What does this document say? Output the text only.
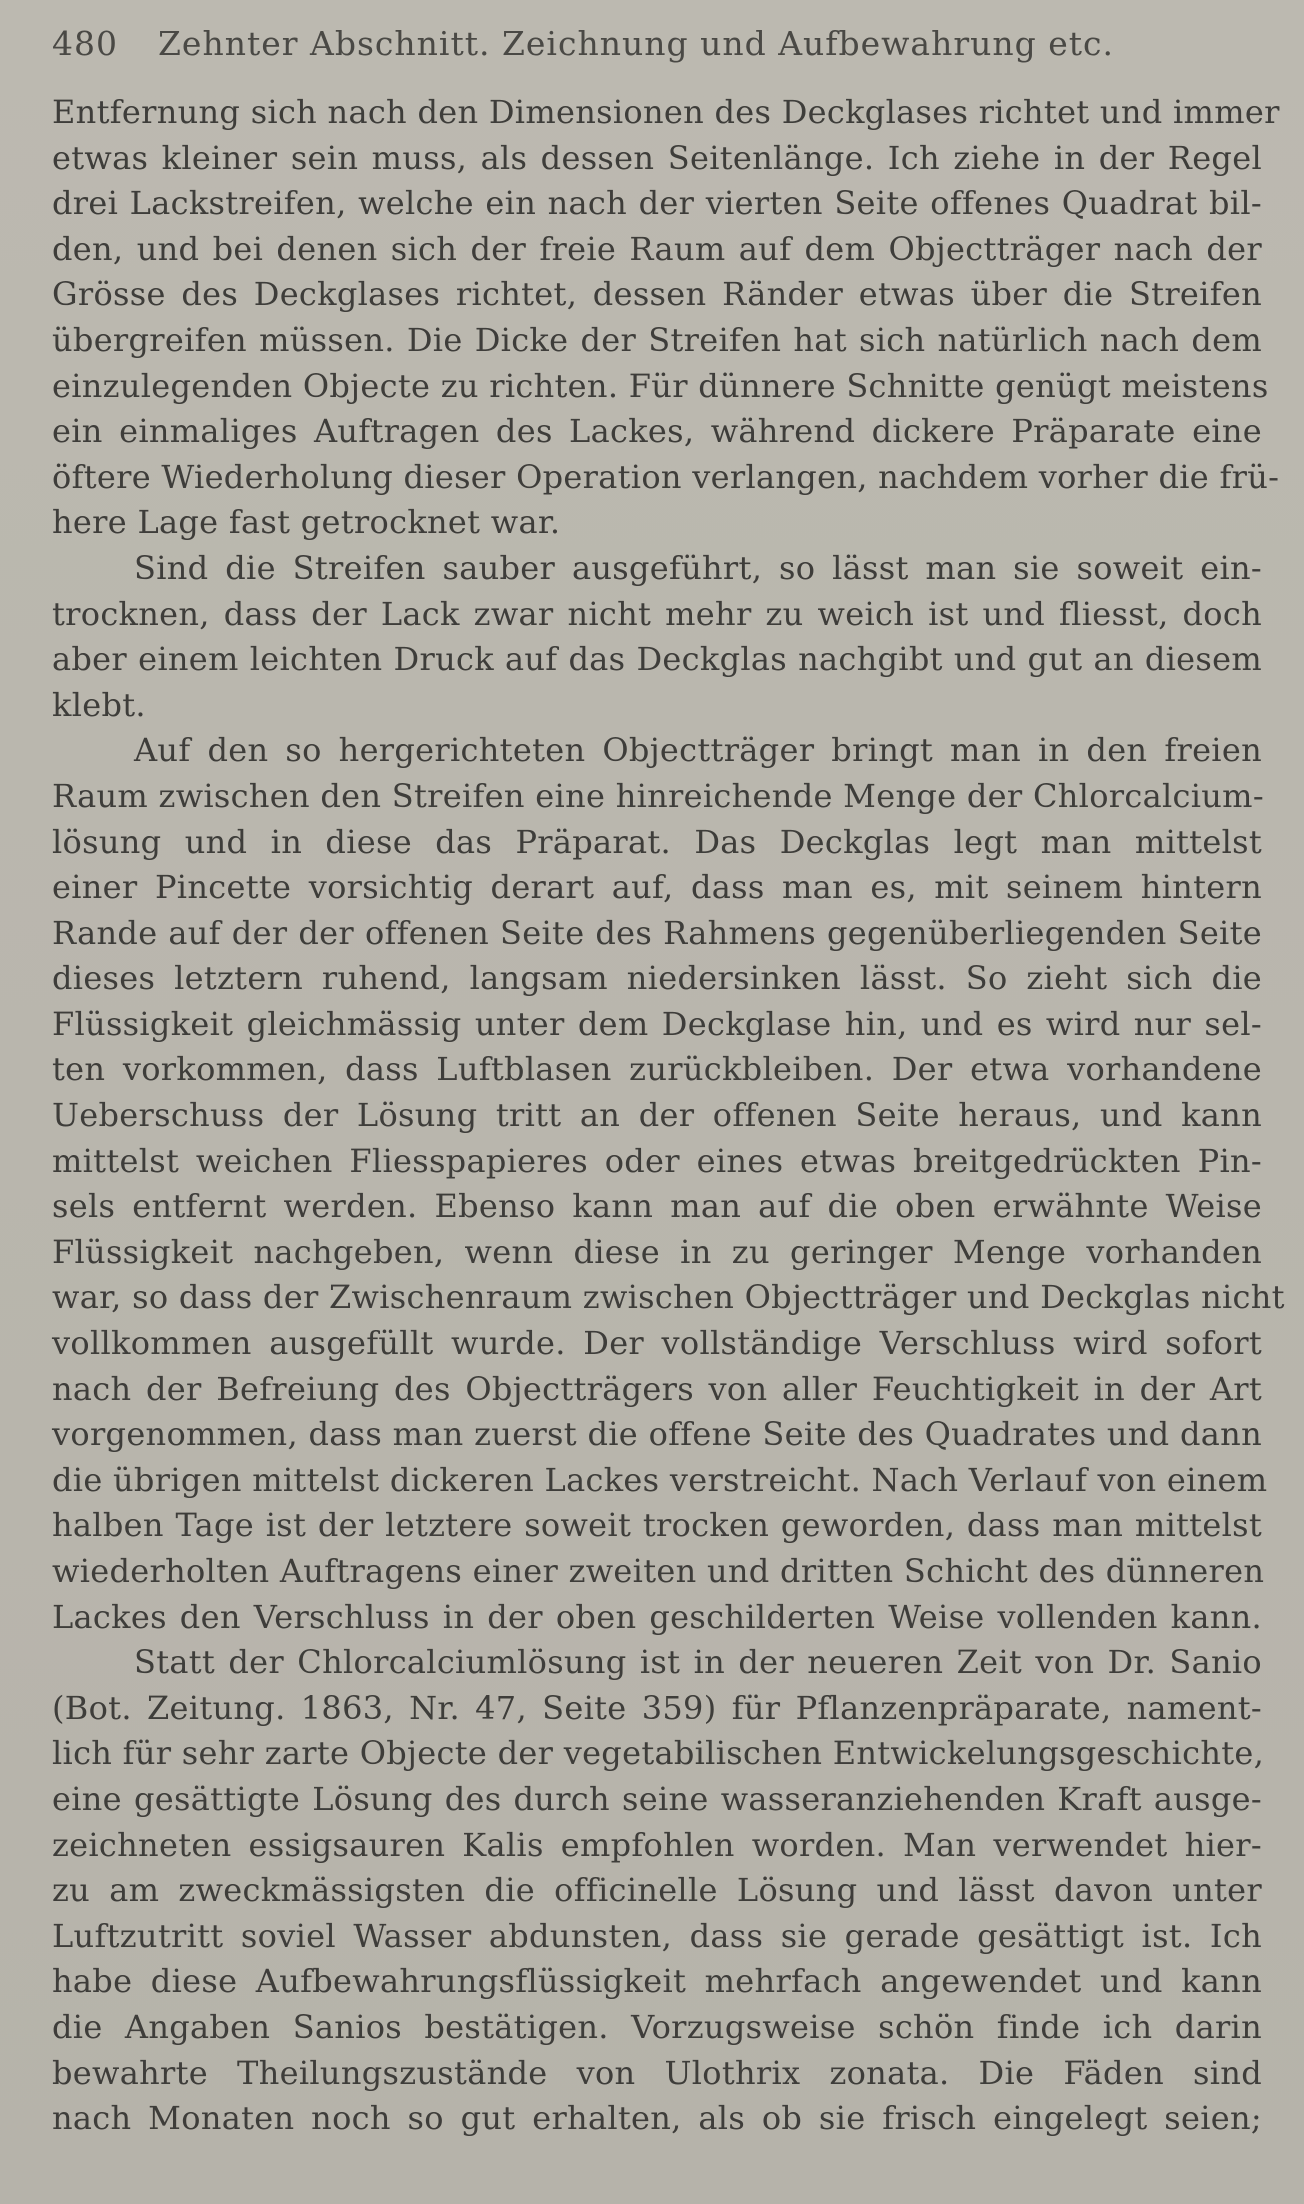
480 Zehnter Abschnitt. Zeichnung und Aufbewahrung etc.
Entfernung sich nach den Dimensionen des Deckglases richtet und immer
etwas kleiner sein muss, als dessen Seitenlänge. Ich ziehe in der Regel
drei Lackstreifen, welche ein nach der vierten Seite offenes Quadrat bil-
den, und bei denen sich der freie Raum auf dem Objectträger nach der
Grösse des Deckglases richtet, dessen Ränder etwas über die Streifen
übergreifen müssen. Die Dicke der Streifen hat sich natürlich nach dem
einzulegenden Objecte zu richten. Für dünnere Schnitte genügt meistens
ein einmaliges Auftragen des Lackes, während dickere Präparate eine
öftere Wiederholung dieser Operation verlangen, nachdem vorher die frü-
here Lage fast getrocknet war.
Sind die Streifen sauber ausgeführt, so lässt man sie soweit ein-
trocknen, dass der Lack zwar nicht mehr zu weich ist und fliesst, doch
aber einem leichten Druck auf das Deckglas nachgibt und gut an diesem
klebt.
Auf den so hergerichteten Objectträger bringt man in den freien
Raum zwischen den Streifen eine hinreichende Menge der Chlorcalcium-
lösung und in diese das Präparat. Das Deckglas legt man mittelst
einer Pincette vorsichtig derart auf, dass man es, mit seinem hintern
Rande auf der der offenen Seite des Rahmens gegenüberliegenden Seite
dieses letztern ruhend, langsam niedersinken lässt. So zieht sich die
Flüssigkeit gleichmässig unter dem Deckglase hin, und es wird nur sel-
ten vorkommen, dass Luftblasen zurückbleiben. Der etwa vorhandene
Ueberschuss der Lösung tritt an der offenen Seite heraus, und kann
mittelst weichen Fliesspapieres oder eines etwas breitgedrückten Pin-
sels entfernt werden. Ebenso kann man auf die oben erwähnte Weise
Flüssigkeit nachgeben, wenn diese in zu geringer Menge vorhanden
war, so dass der Zwischenraum zwischen Objectträger und Deckglas nicht
vollkommen ausgefüllt wurde. Der vollständige Verschluss wird sofort
nach der Befreiung des Objectträgers von aller Feuchtigkeit in der Art
vorgenommen, dass man zuerst die offene Seite des Quadrates und dann
die übrigen mittelst dickeren Lackes verstreicht. Nach Verlauf von einem
halben Tage ist der letztere soweit trocken geworden, dass man mittelst
wiederholten Auftragens einer zweiten und dritten Schicht des dünneren
Lackes den Verschluss in der oben geschilderten Weise vollenden kann.
Statt der Chlorcalciumlösung ist in der neueren Zeit von Dr. Sanio
(Bot. Zeitung. 1863, Nr. 47, Seite 359) für Pflanzenpräparate, nament-
lich für sehr zarte Objecte der vegetabilischen Entwickelungsgeschichte,
eine gesättigte Lösung des durch seine wasseranziehenden Kraft ausge-
zeichneten essigsauren Kalis empfohlen worden. Man verwendet hier-
zu am zweckmässigsten die officinelle Lösung und lässt davon unter
Luftzutritt soviel Wasser abdunsten, dass sie gerade gesättigt ist. Ich
habe diese Aufbewahrungsflüssigkeit mehrfach angewendet und kann
die Angaben Sanios bestätigen. Vorzugsweise schön finde ich darin
bewahrte Theilungszustände von Ulothrix zonata. Die Fäden sind
nach Monaten noch so gut erhalten, als ob sie frisch eingelegt seien;
